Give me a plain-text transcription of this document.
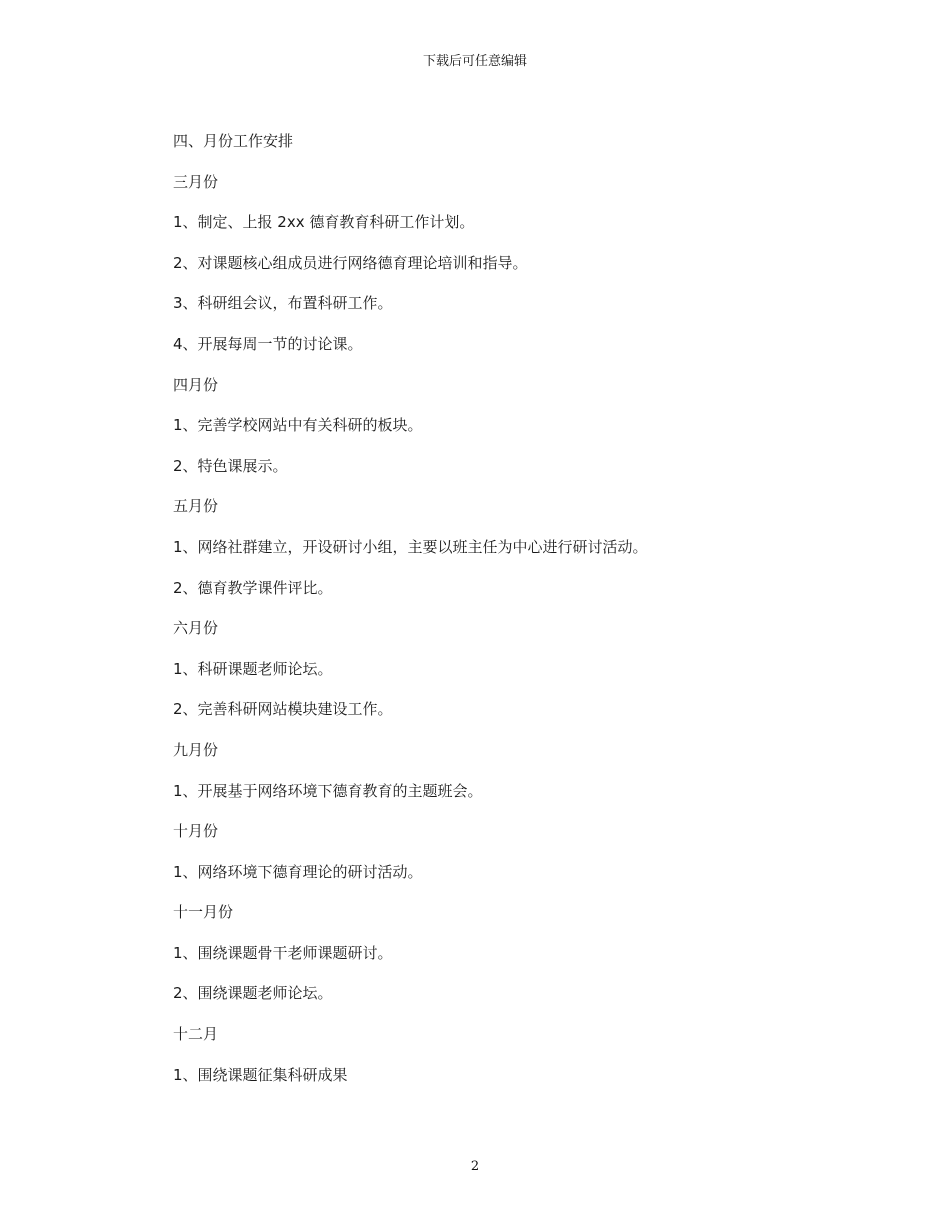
下载后可任意编辑
四、月份工作安排
三月份
1、制定、上报 2xx 德育教育科研工作计划。
2、对课题核心组成员进行网络德育理论培训和指导。
3、科研组会议，布置科研工作。
4、开展每周一节的讨论课。
四月份
1、完善学校网站中有关科研的板块。
2、特色课展示。
五月份
1、网络社群建立，开设研讨小组，主要以班主任为中心进行研讨活动。
2、德育教学课件评比。
六月份
1、科研课题老师论坛。
2、完善科研网站模块建设工作。
九月份
1、开展基于网络环境下德育教育的主题班会。
十月份
1、网络环境下德育理论的研讨活动。
十一月份
1、围绕课题骨干老师课题研讨。
2、围绕课题老师论坛。
十二月
1、围绕课题征集科研成果
2
